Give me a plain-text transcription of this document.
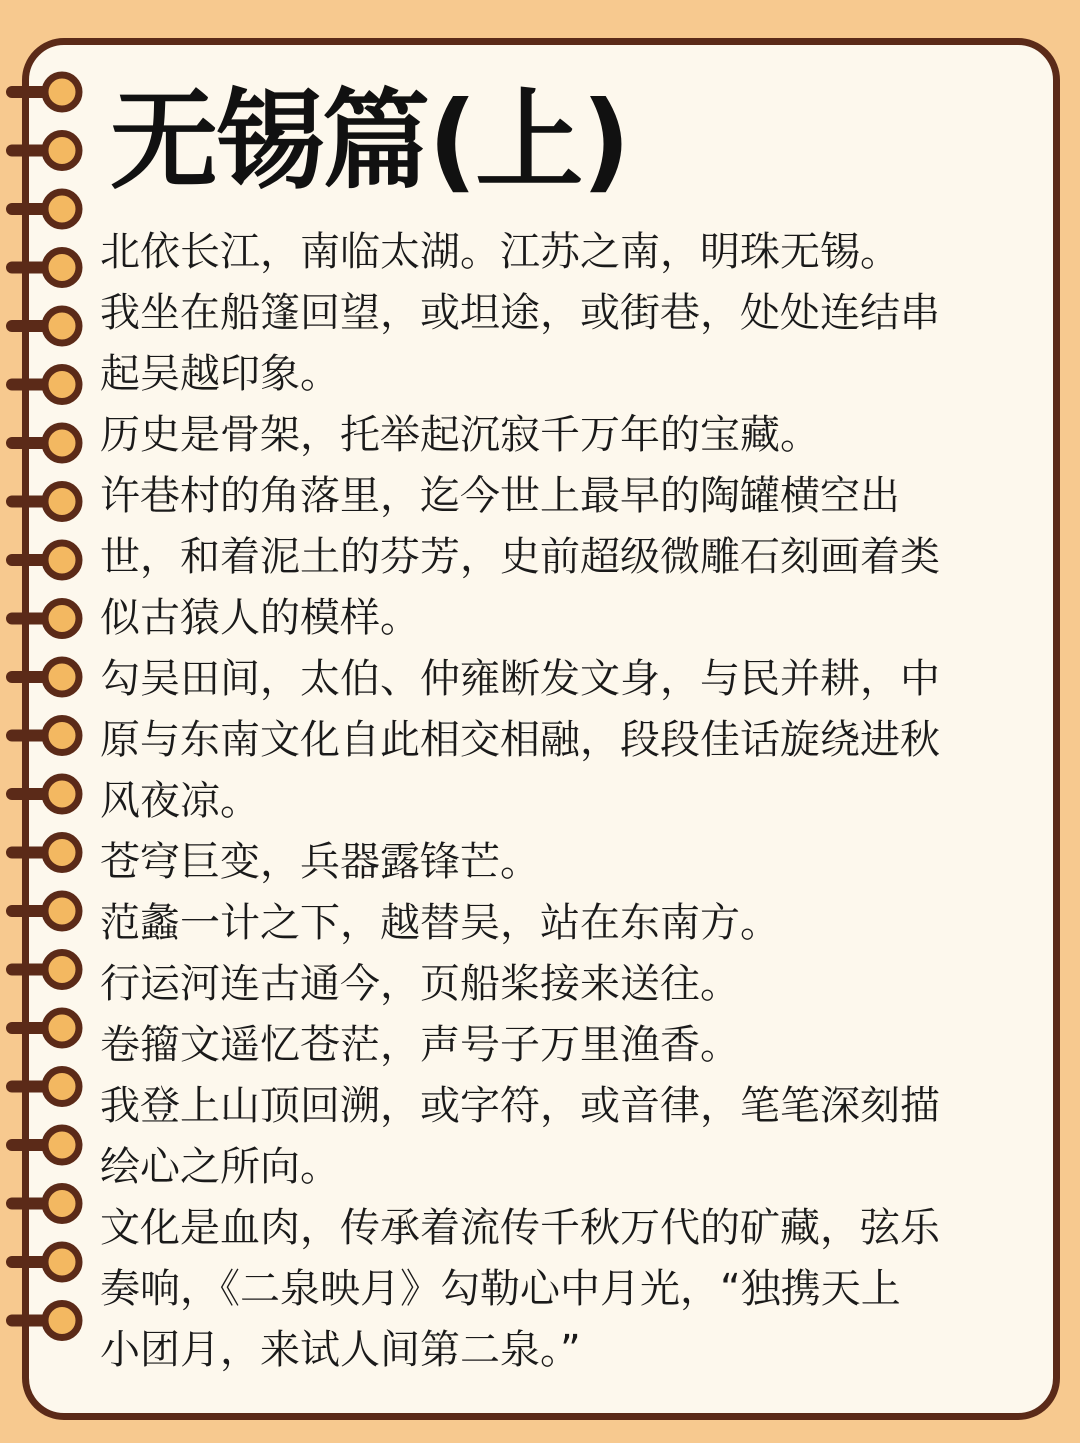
无锡篇(上)
北依长江，南临太湖。江苏之南，明珠无锡。
我坐在船篷回望，或坦途，或街巷，处处连结串
起吴越印象。
历史是骨架，托举起沉寂千万年的宝藏。
许巷村的角落里，迄今世上最早的陶罐横空出
世，和着泥土的芬芳，史前超级微雕石刻画着类
似古猿人的模样。
勾吴田间，太伯、仲雍断发文身，与民并耕，中
原与东南文化自此相交相融，段段佳话旋绕进秋
风夜凉。
苍穹巨变，兵器露锋芒。
范蠡一计之下，越替吴，站在东南方。
行运河连古通今，页船桨接来送往。
卷籀文遥忆苍茫，声号子万里渔香。
我登上山顶回溯，或字符，或音律，笔笔深刻描
绘心之所向。
文化是血肉，传承着流传千秋万代的矿藏，弦乐
奏响，《二泉映月》勾勒心中月光，“独携天上
小团月，来试人间第二泉。”
